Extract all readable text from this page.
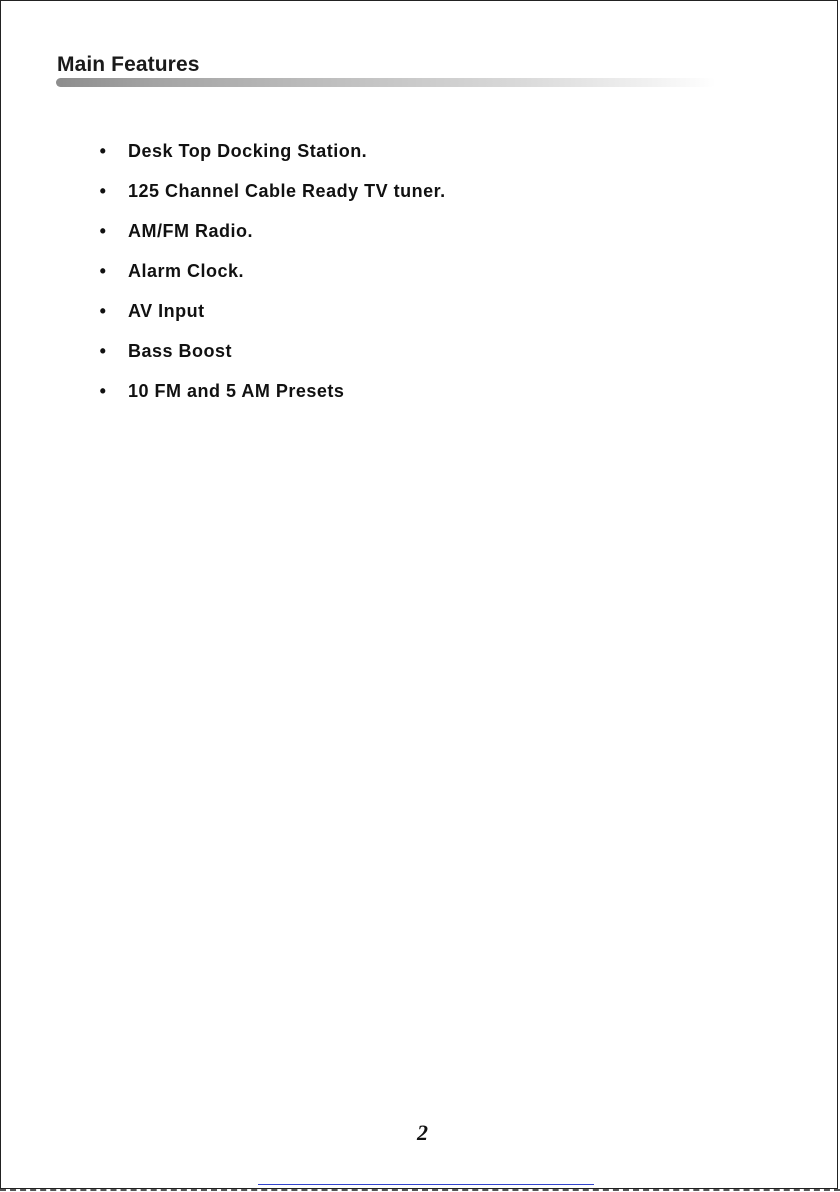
Main Features
• Desk Top Docking Station.
• 125 Channel Cable Ready TV tuner.
• AM/FM Radio.
• Alarm Clock.
• AV Input
• Bass Boost
• 10 FM and 5 AM Presets
2
